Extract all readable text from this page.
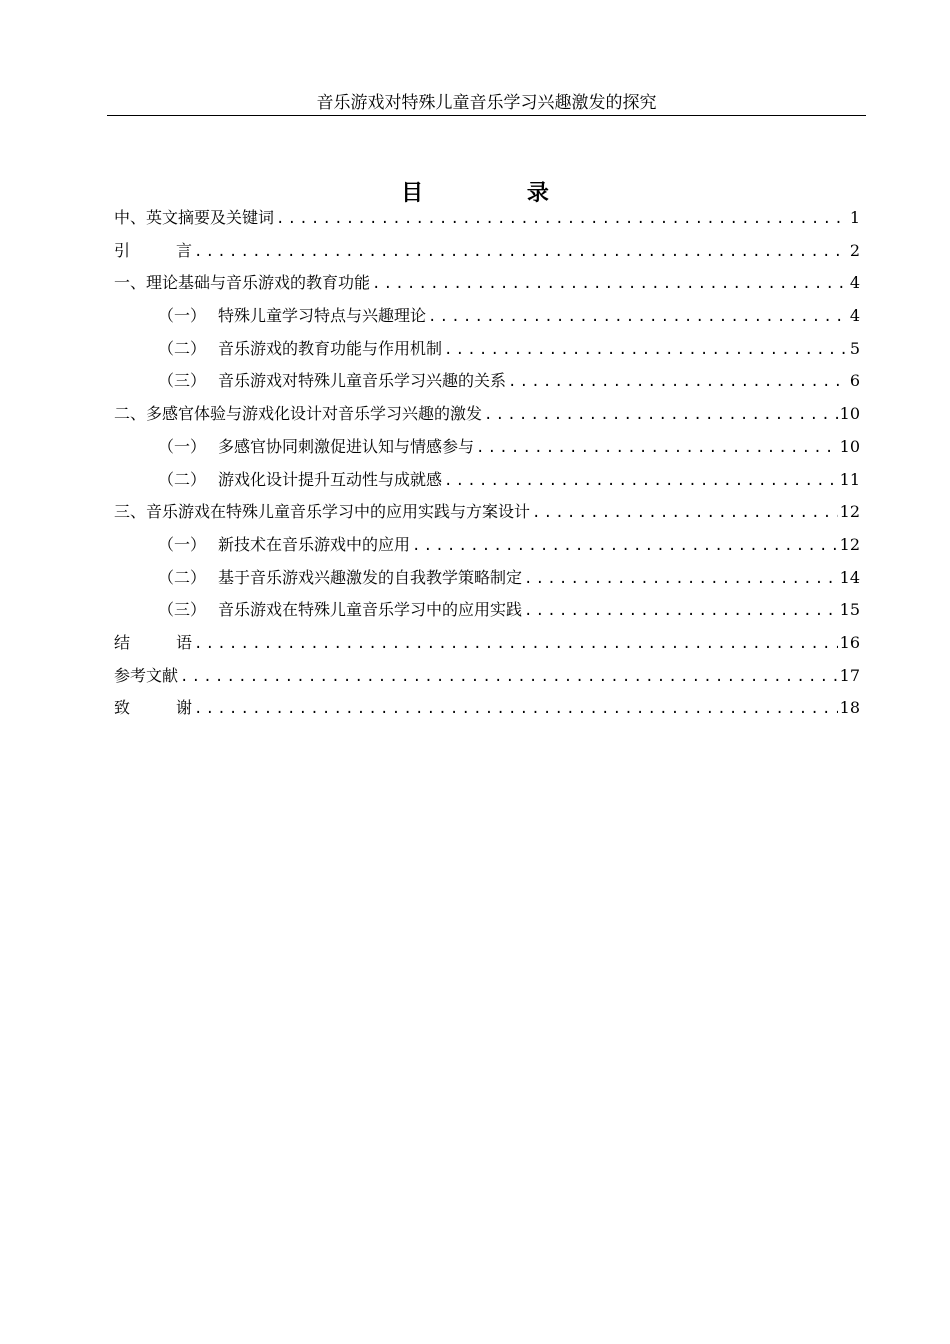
音乐游戏对特殊儿童音乐学习兴趣激发的探究
目 录
中、英文摘要及关键词 .....	1
引	言 .....	2
一、理论基础与音乐游戏的教育功能 .....	4
（一） 特殊儿童学习特点与兴趣理论 .....	4
（二） 音乐游戏的教育功能与作用机制 .....	5
（三） 音乐游戏对特殊儿童音乐学习兴趣的关系 .....	6
二、多感官体验与游戏化设计对音乐学习兴趣的激发 .....	10
（一） 多感官协同刺激促进认知与情感参与 .....	10
（二） 游戏化设计提升互动性与成就感 .....	11
三、音乐游戏在特殊儿童音乐学习中的应用实践与方案设计 .....	12
（一） 新技术在音乐游戏中的应用 .....	12
（二） 基于音乐游戏兴趣激发的自我教学策略制定 .....	14
（三） 音乐游戏在特殊儿童音乐学习中的应用实践 .....	15
结	语 .....	16
参考文献 .....	17
致	谢 .....	18
